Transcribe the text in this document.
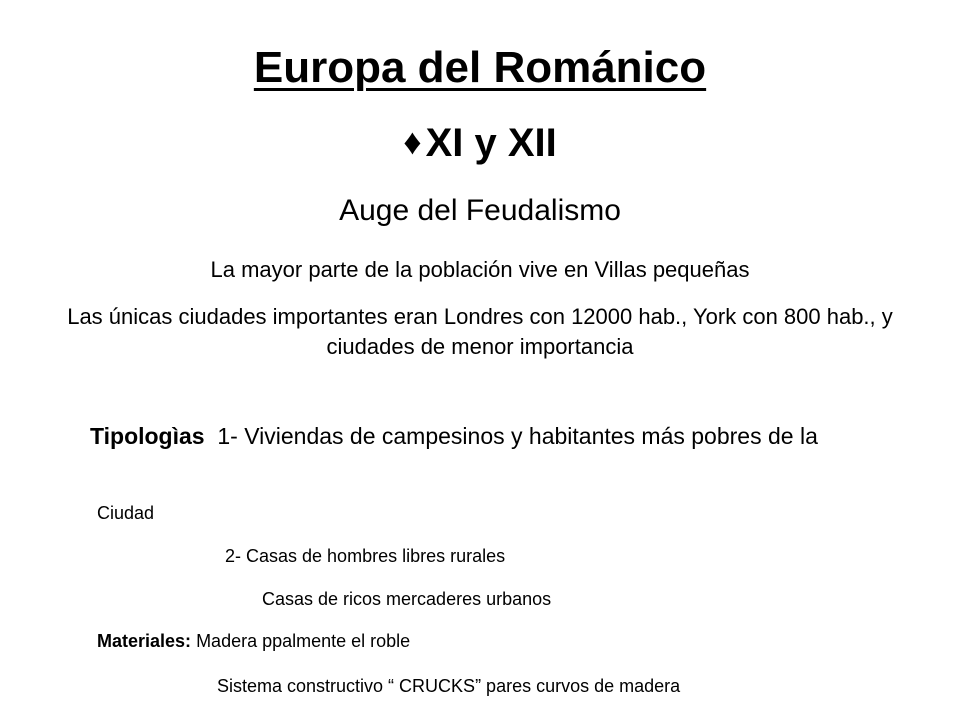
Europa del Románico
♦ XI y XII
Auge del Feudalismo
La mayor parte de la población vive en Villas pequeñas
Las únicas ciudades importantes eran Londres con 12000 hab., York con 800 hab., y ciudades de menor importancia
Tipologìas 1- Viviendas de campesinos y habitantes más pobres de la
Ciudad
2- Casas de hombres libres rurales
Casas de ricos mercaderes urbanos
Materiales: Madera ppalmente el roble
Sistema constructivo “ CRUCKS” pares curvos de madera
